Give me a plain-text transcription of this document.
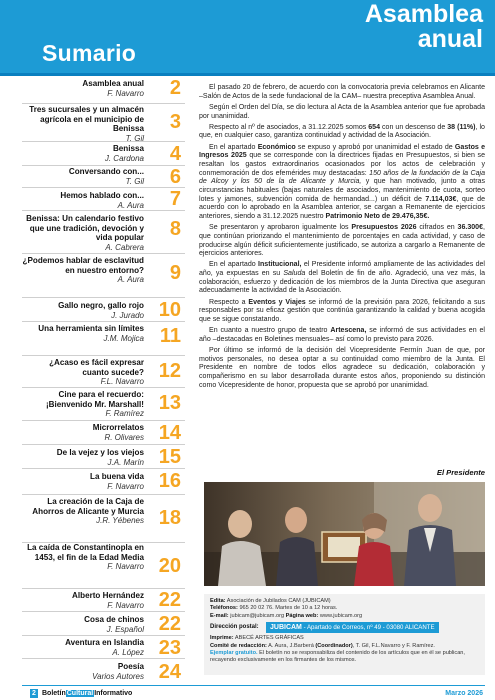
Sumario
Asamblea
anual
Asamblea anual
F. Navarro 2
Tres sucursales y un almacén agrícola en el municipio de Benissa
T. Gil
3
Benissa
J. Cardona 4
Conversando con...
T. Gil 6
Hemos hablado con...
A. Aura 7
Benissa: Un calendario festivo que une tradición, devoción y vida popular
A. Cabrera
8
¿Podemos hablar de esclavitud en nuestro entorno?
A. Aura 9
Gallo negro, gallo rojo
J. Jurado 10
Una herramienta sin límites
J.M. Mojica 11
¿Acaso es fácil expresar cuanto sucede?
F.L. Navarro 12
Cine para el recuerdo: ¡Bienvenido Mr. Marshall!
F. Ramírez 13
Microrrelatos
R. Olivares 14
De la vejez y los viejos
J.A. Marín 15
La buena vida
F. Navarro 16
La creación de la Caja de Ahorros de Alicante y Murcia
J.R. Yébenes 18
La caída de Constantinopla en 1453, el fin de la Edad Media
F. Navarro 20
Alberto Hernández
F. Navarro 22
Cosa de chinos
J. Español 22
Aventura en Islandia
A. López 23
Poesía
Varios Autores 24

El pasado 20 de febrero, de acuerdo con la convocatoria previa celebramos en Alicante –Salón de Actos de la sede fundacional de la CAM– nuestra preceptiva Asamblea Anual.

Según el Orden del Día, se dio lectura al Acta de la Asamblea anterior que fue aprobada por unanimidad.

Respecto al nº de asociados, a 31.12.2025 somos 654 con un descenso de 38 (11%), lo que, en cualquier caso, garantiza continuidad y actividad de la Asociación.

En el apartado Económico se expuso y aprobó por unanimidad el estado de Gastos e Ingresos 2025 que se corresponde con la directrices fijadas en Presupuestos, si bien se resaltan los gastos extraordinarios ocasionados por los actos de celebración y conmemoración de dos efemérides muy destacadas: 150 años de la fundación de la Caja de Alcoy y los 50 de la de Alicante y Murcia, y que han motivado, junto a otras circunstancias habituales (bajas naturales de asociados, mantenimiento de cuota, sorteo lotes y jamones, subvención comida de hermandad...) un déficit de 7.114,03€, que de acuerdo con lo aprobado en la Asamblea anterior, se cargan a Remanente de ejercicios anteriores, siendo a 31.12.2025 nuestro Patrimonio Neto de 29.476,35€.

Se presentaron y aprobaron igualmente los Presupuestos 2026 cifrados en 36.300€, que continúan priorizando el mantenimiento de porcentajes en cada actividad, y caso de producirse algún déficit suficientemente justificado, se autoriza a cargarlo a Remanente de ejercicios anteriores.

En el apartado Institucional, el Presidente informó ampliamente de las actividades del año, ya expuestas en su Saluda del Boletín de fin de año. Agradeció, una vez más, la colaboración, esfuerzo y dedicación de los miembros de la Junta Directiva que aseguran adecuadamente la actividad de la Asociación.

Respecto a Eventos y Viajes se informó de la previsión para 2026, felicitando a sus responsables por su eficaz gestión que continúa garantizando la calidad y buena acogida que se sigue constatando.

En cuanto a nuestro grupo de teatro Artescena, se informó de sus actividades en el año –destacadas en Boletines mensuales– así como lo previsto para 2026.

Por último se informó de la decisión del Vicepresidente Fermín Juan de que, por motivos personales, no desea optar a su continuidad como miembro de la Junta. El Presidente en nombre de todos ellos agradece su dedicación, colaboración y compañerismo en su labor desarrollada durante estos años, proponiendo su distinción como Vicepresidente de honor, propuesta que se aprobó por unanimidad.

El Presidente
Edita: Asociación de Jubilados CAM (JUBICAM)
Teléfonos: 965 20 02 76. Martes de 10 a 12 horas.
E-mail: jubicam@jubicam.org Página web: www.jubicam.org
Dirección postal:	JUBICAM - Apartado de Correos, nº 49 - 03080 ALICANTE
Imprime: ABECÉ ARTES GRÁFICAS
Comité de redacción: A. Aura, J.Barberá (Coordinador), T. Gil, F.L.Navarro y F. Ramírez.
Ejemplar gratuito. El boletín no se responsabiliza del contenido de los artículos que en él se publican, recayendo exclusivamente en los firmantes de los mismos.
2 BoletínCulturalInformativo	Marzo 2026
